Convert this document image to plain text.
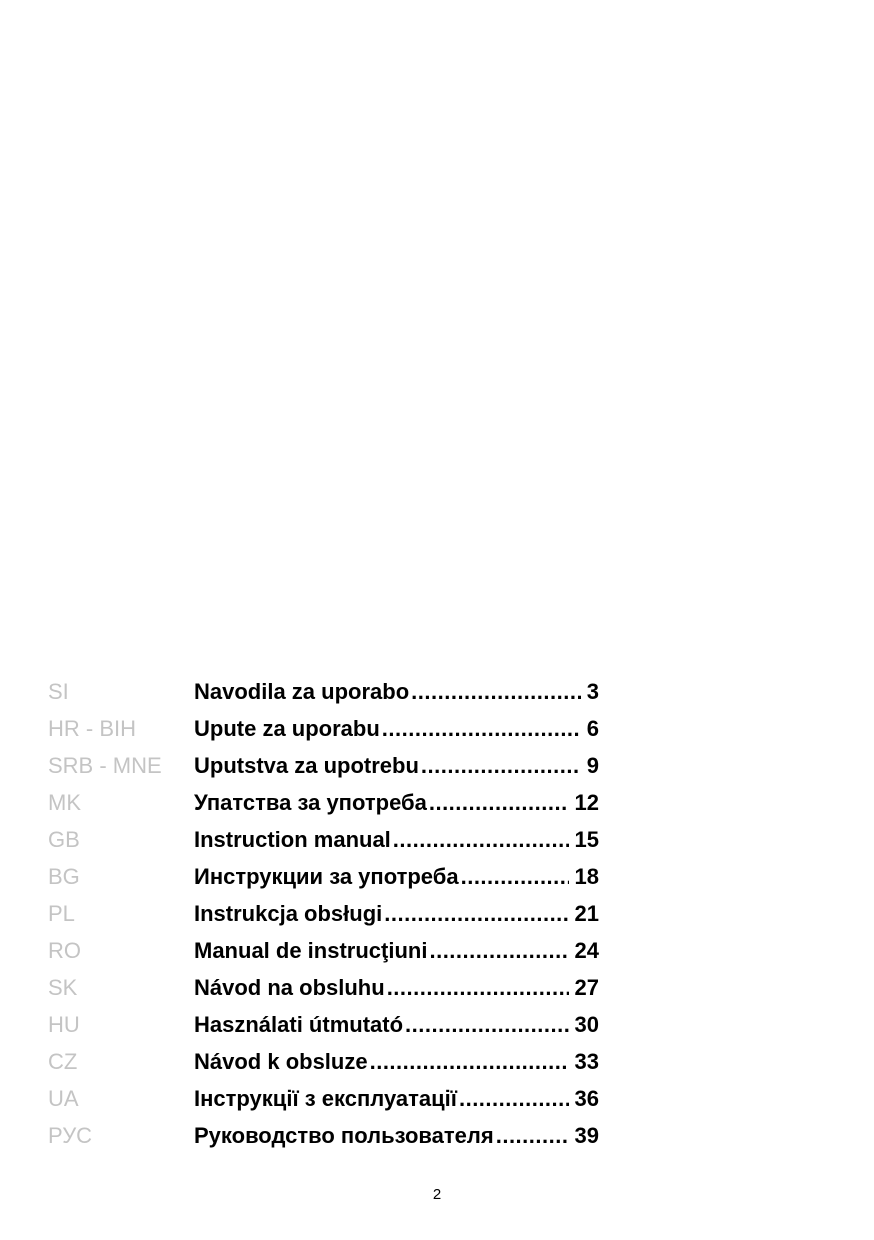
SI	Navodila za uporabo .....	3
HR - BIH	Upute za uporabu .....	6
SRB - MNE	Uputstva za upotrebu .....	9
MK	Упатства за употреба .....	12
GB	Instruction manual .....	15
BG	Инструкции за употреба .....	18
PL	Instrukcja obsługi .....	21
RO	Manual de instrucţiuni .....	24
SK	Návod na obsluhu .....	27
HU	Használati útmutató .....	30
CZ	Návod k obsluze .....	33
UA	Інструкції з експлуатації .....	36
РУС	Руководство пользователя .....	39
2
